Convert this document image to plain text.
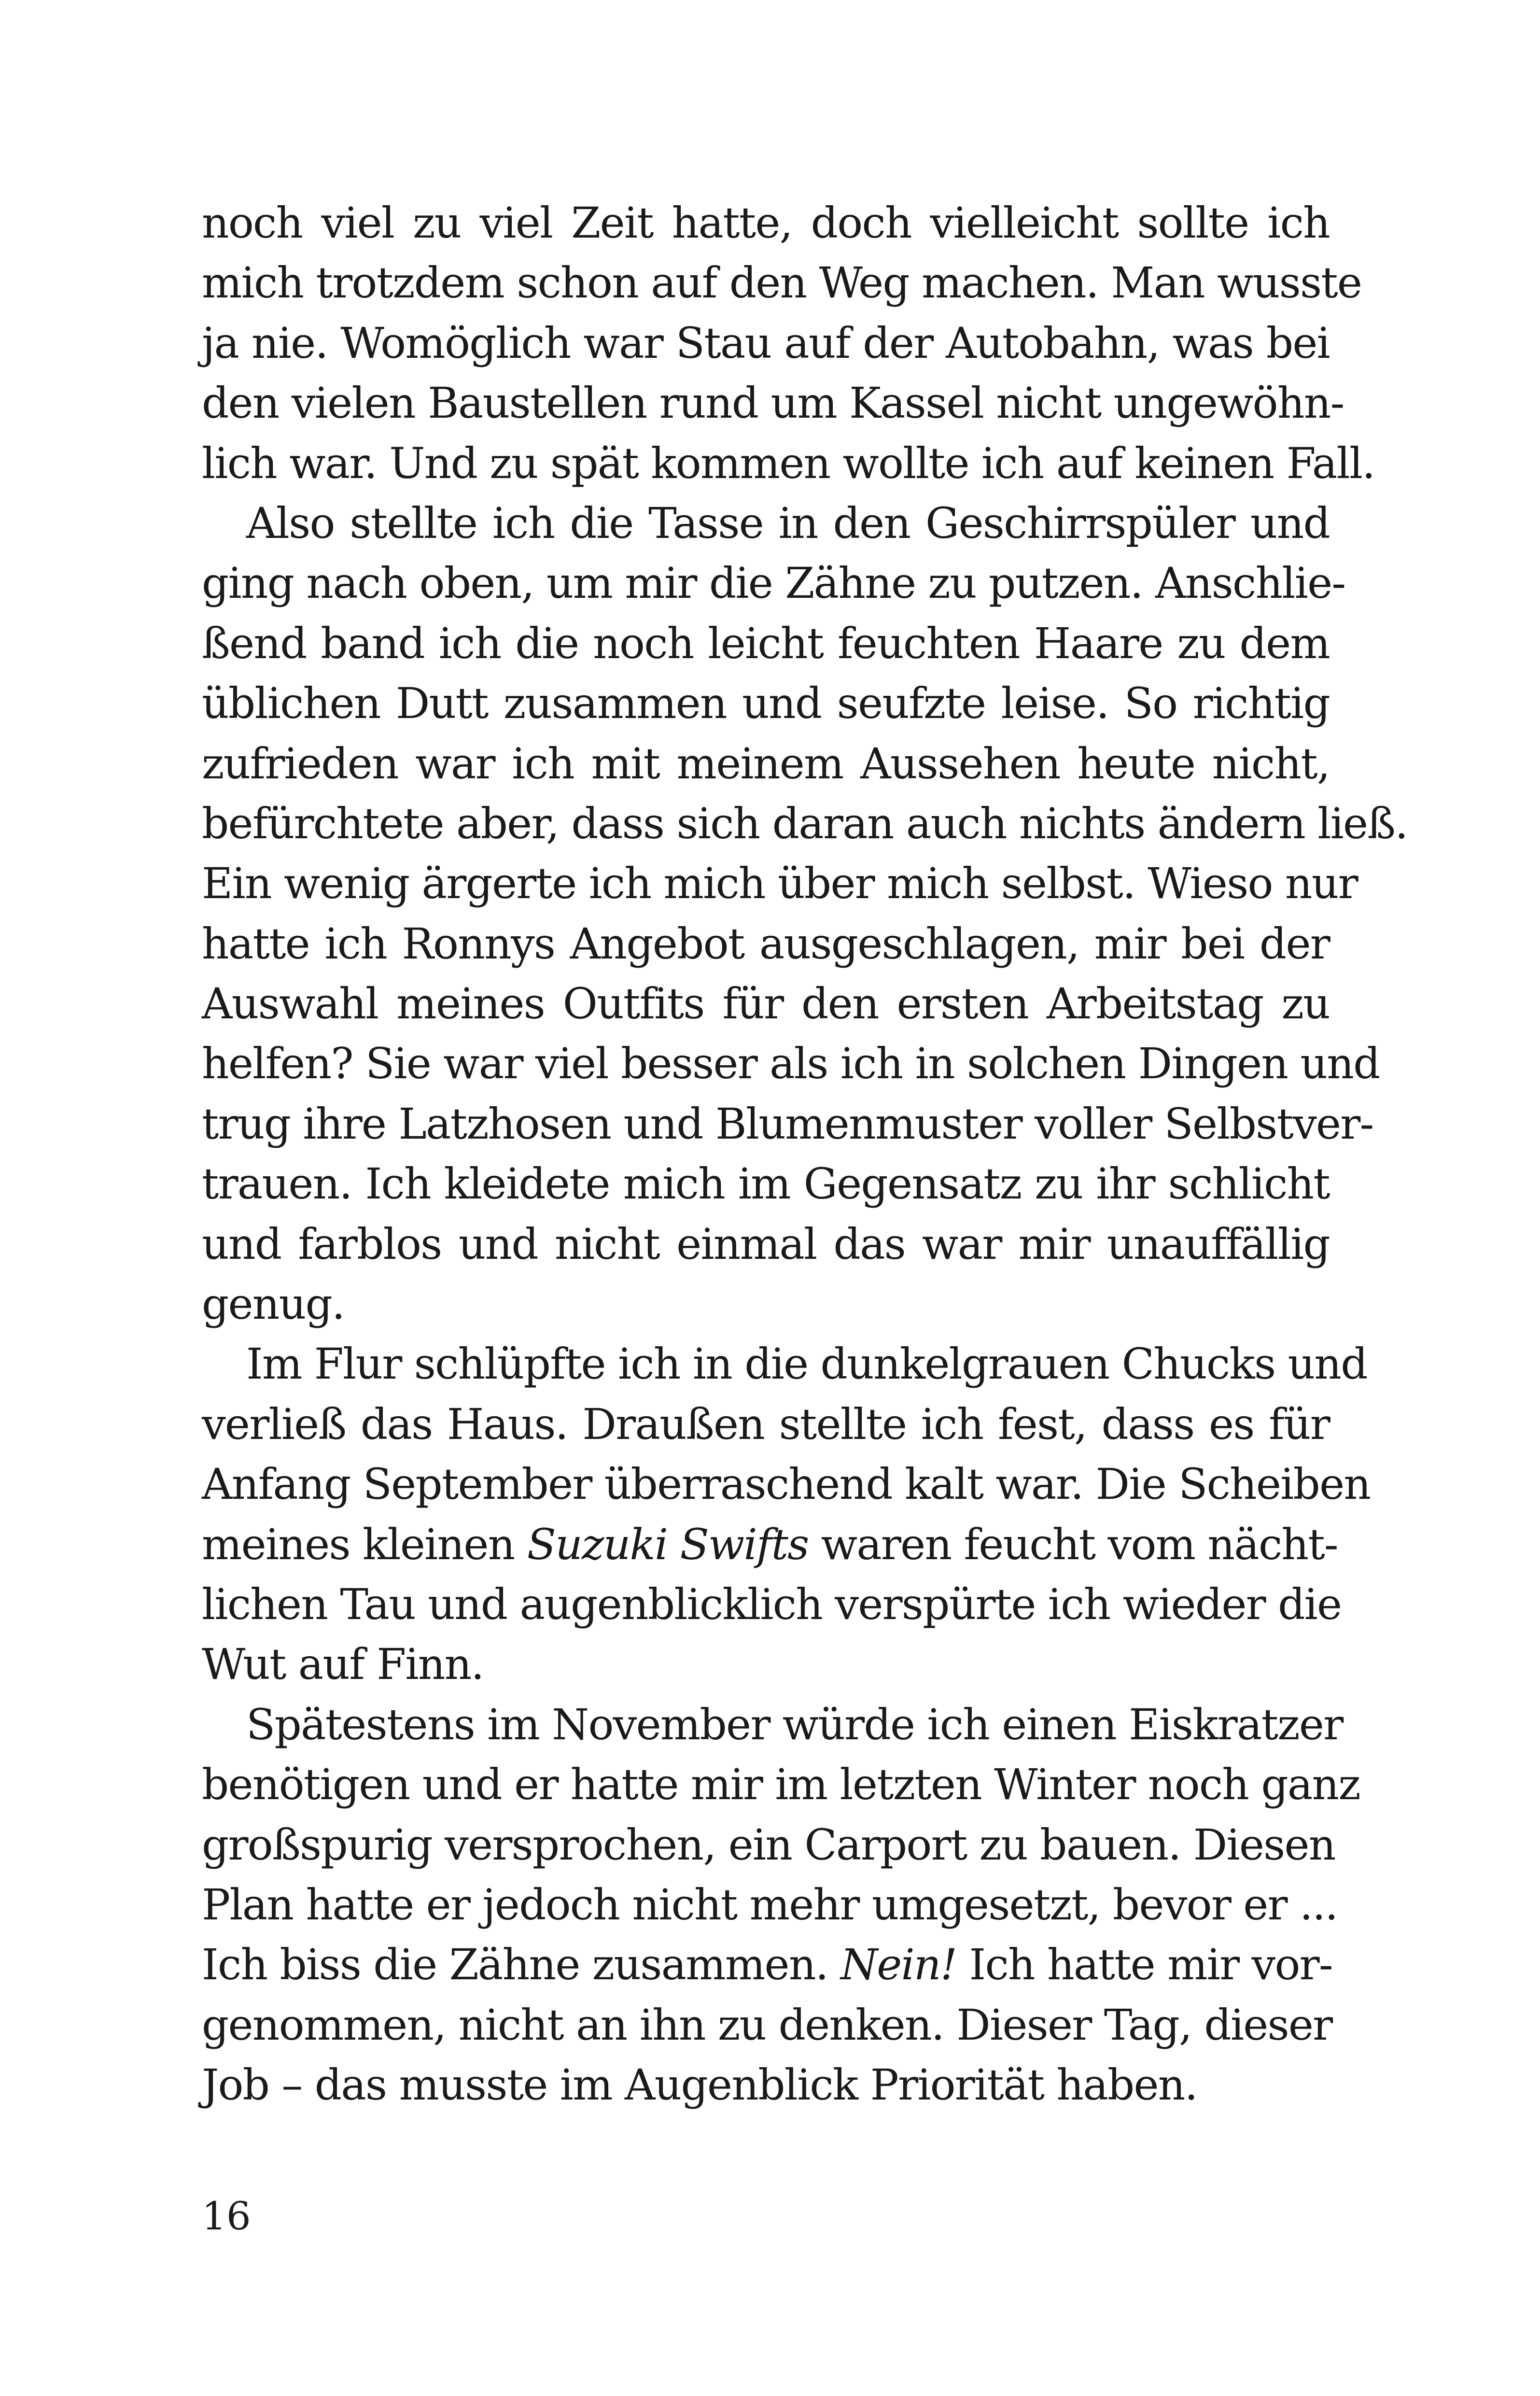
noch viel zu viel Zeit hatte, doch vielleicht sollte ich
mich trotzdem schon auf den Weg machen. Man wusste
ja nie. Womöglich war Stau auf der Autobahn, was bei
den vielen Baustellen rund um Kassel nicht ungewöhn-
lich war. Und zu spät kommen wollte ich auf keinen Fall.
Also stellte ich die Tasse in den Geschirrspüler und
ging nach oben, um mir die Zähne zu putzen. Anschlie-
ßend band ich die noch leicht feuchten Haare zu dem
üblichen Dutt zusammen und seufzte leise. So richtig
zufrieden war ich mit meinem Aussehen heute nicht,
befürchtete aber, dass sich daran auch nichts ändern ließ.
Ein wenig ärgerte ich mich über mich selbst. Wieso nur
hatte ich Ronnys Angebot ausgeschlagen, mir bei der
Auswahl meines Outfits für den ersten Arbeitstag zu
helfen? Sie war viel besser als ich in solchen Dingen und
trug ihre Latzhosen und Blumenmuster voller Selbstver-
trauen. Ich kleidete mich im Gegensatz zu ihr schlicht
und farblos und nicht einmal das war mir unauffällig
genug.
Im Flur schlüpfte ich in die dunkelgrauen Chucks und
verließ das Haus. Draußen stellte ich fest, dass es für
Anfang September überraschend kalt war. Die Scheiben
meines kleinen Suzuki Swifts waren feucht vom nächt-
lichen Tau und augenblicklich verspürte ich wieder die
Wut auf Finn.
Spätestens im November würde ich einen Eiskratzer
benötigen und er hatte mir im letzten Winter noch ganz
großspurig versprochen, ein Carport zu bauen. Diesen
Plan hatte er jedoch nicht mehr umgesetzt, bevor er ...
Ich biss die Zähne zusammen. Nein! Ich hatte mir vor-
genommen, nicht an ihn zu denken. Dieser Tag, dieser
Job – das musste im Augenblick Priorität haben.
16
